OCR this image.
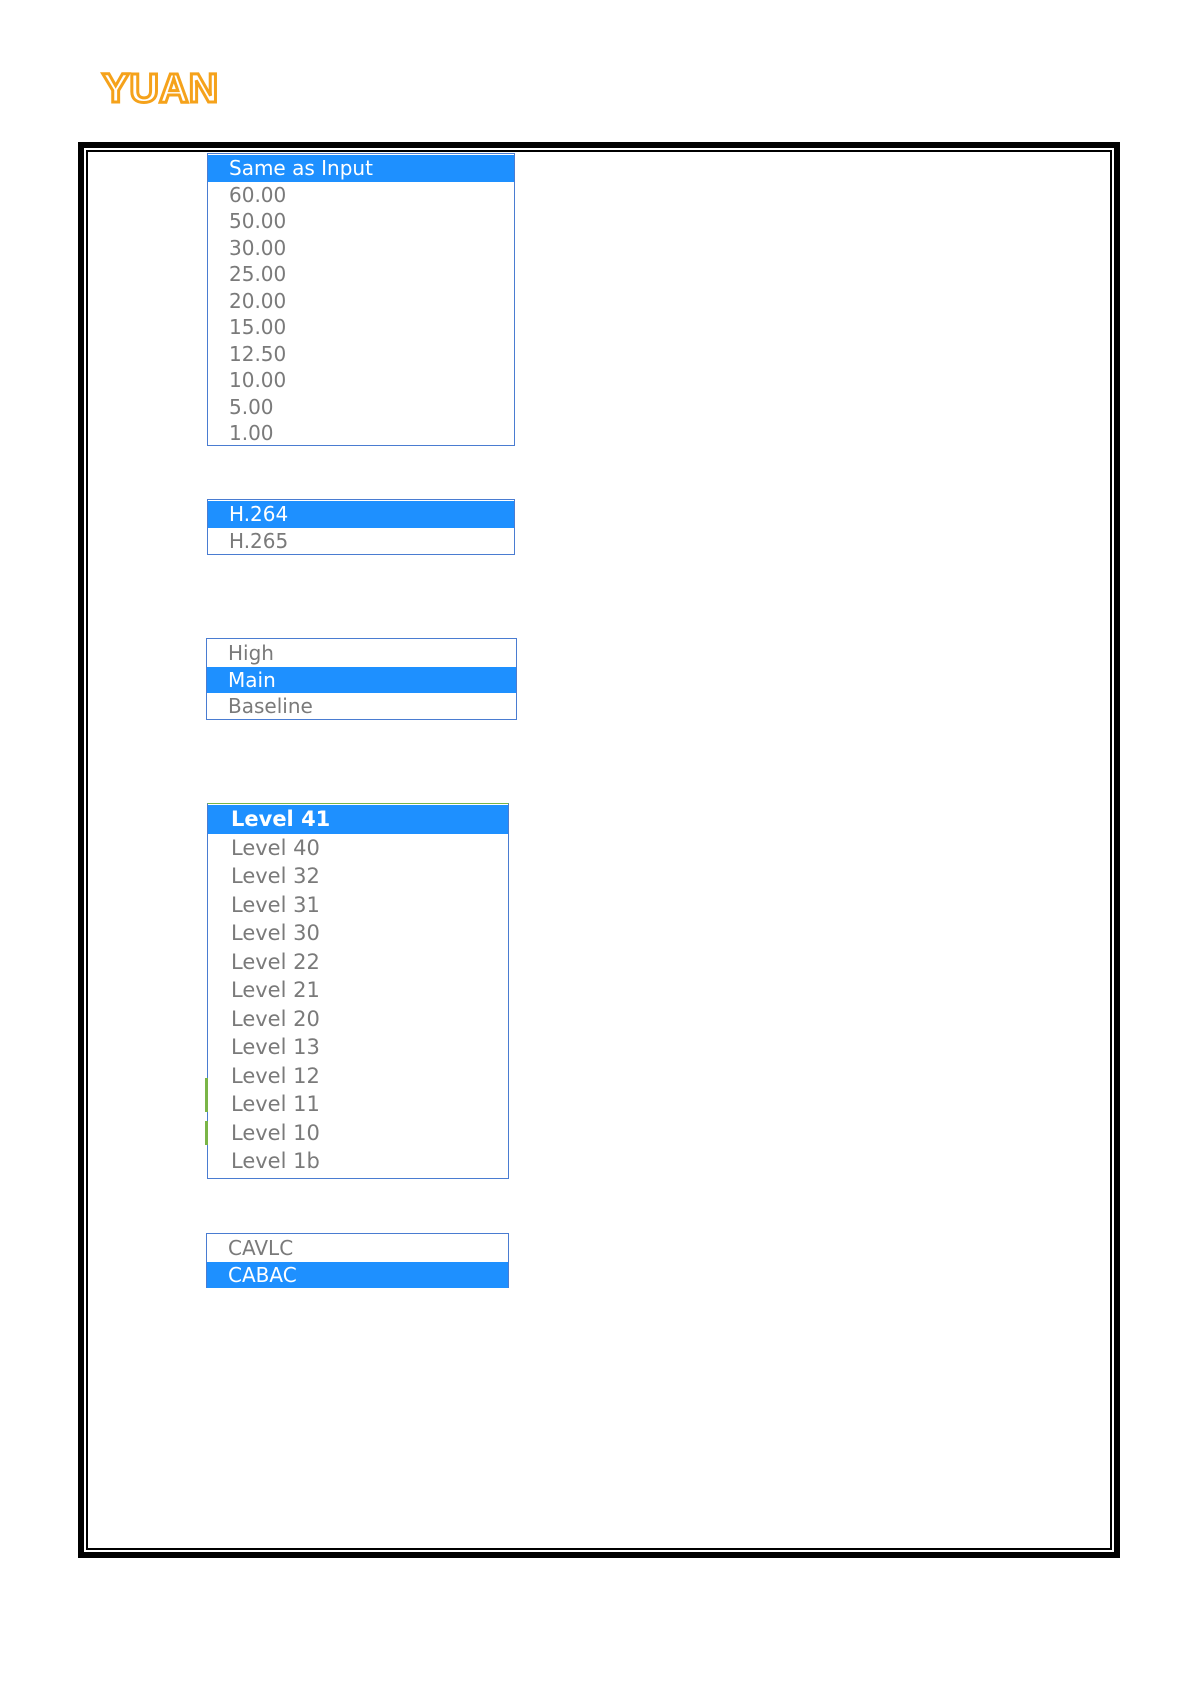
YUAN
Same as Input
60.00
50.00
30.00
25.00
20.00
15.00
12.50
10.00
5.00
1.00
H.264
H.265
High
Main
Baseline
Level 41
Level 40
Level 32
Level 31
Level 30
Level 22
Level 21
Level 20
Level 13
Level 12
Level 11
Level 10
Level 1b
CAVLC
CABAC
